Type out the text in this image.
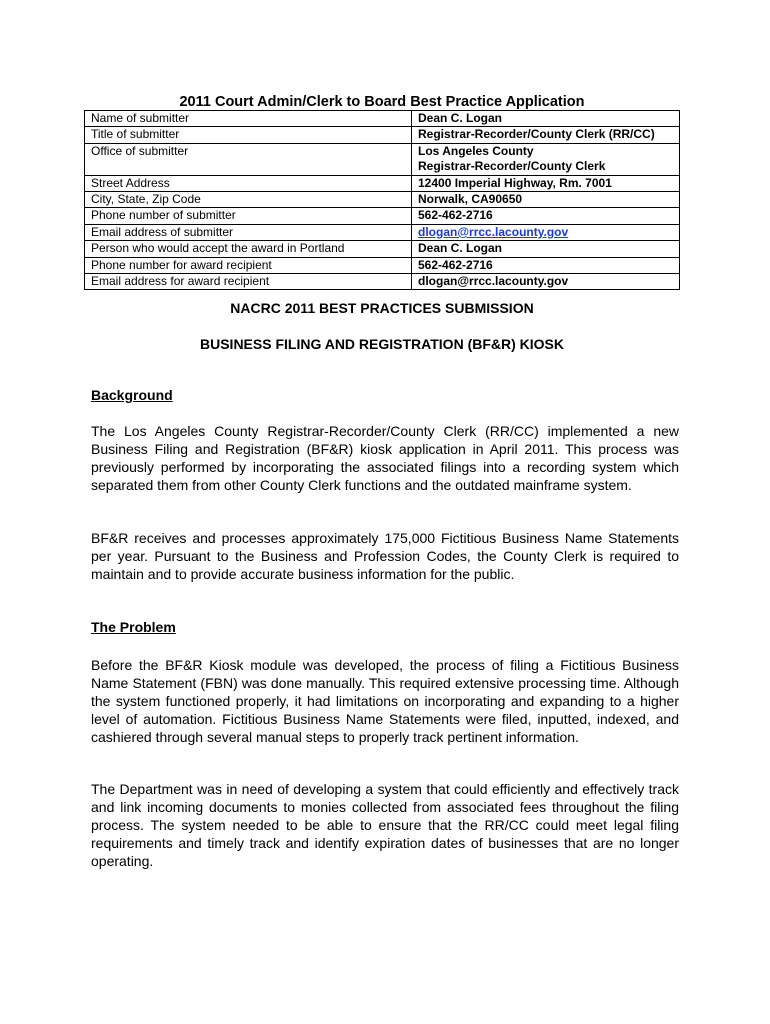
2011 Court Admin/Clerk to Board Best Practice Application
Name of submitter	Dean C. Logan
Title of submitter	Registrar-Recorder/County Clerk (RR/CC)
Office of submitter	Los Angeles County
Registrar-Recorder/County Clerk

Street Address	12400 Imperial Highway, Rm. 7001
City, State, Zip Code	Norwalk, CA90650
Phone number of submitter	562-462-2716
Email address of submitter	dlogan@rrcc.lacounty.gov
Person who would accept the award in Portland	Dean C. Logan
Phone number for award recipient	562-462-2716
Email address for award recipient	dlogan@rrcc.lacounty.gov
NACRC 2011 BEST PRACTICES SUBMISSION
BUSINESS FILING AND REGISTRATION (BF&R) KIOSK
Background

The Los Angeles County Registrar-Recorder/County Clerk (RR/CC) implemented a new Business Filing and Registration (BF&R) kiosk application in April 2011. This process was previously performed by incorporating the associated filings into a recording system which separated them from other County Clerk functions and the outdated mainframe system.

BF&R receives and processes approximately 175,000 Fictitious Business Name Statements per year. Pursuant to the Business and Profession Codes, the County Clerk is required to maintain and to provide accurate business information for the public.

The Problem

Before the BF&R Kiosk module was developed, the process of filing a Fictitious Business Name Statement (FBN) was done manually. This required extensive processing time. Although the system functioned properly, it had limitations on incorporating and expanding to a higher level of automation. Fictitious Business Name Statements were filed, inputted, indexed, and cashiered through several manual steps to properly track pertinent information.

The Department was in need of developing a system that could efficiently and effectively track and link incoming documents to monies collected from associated fees throughout the filing process. The system needed to be able to ensure that the RR/CC could meet legal filing requirements and timely track and identify expiration dates of businesses that are no longer operating.
